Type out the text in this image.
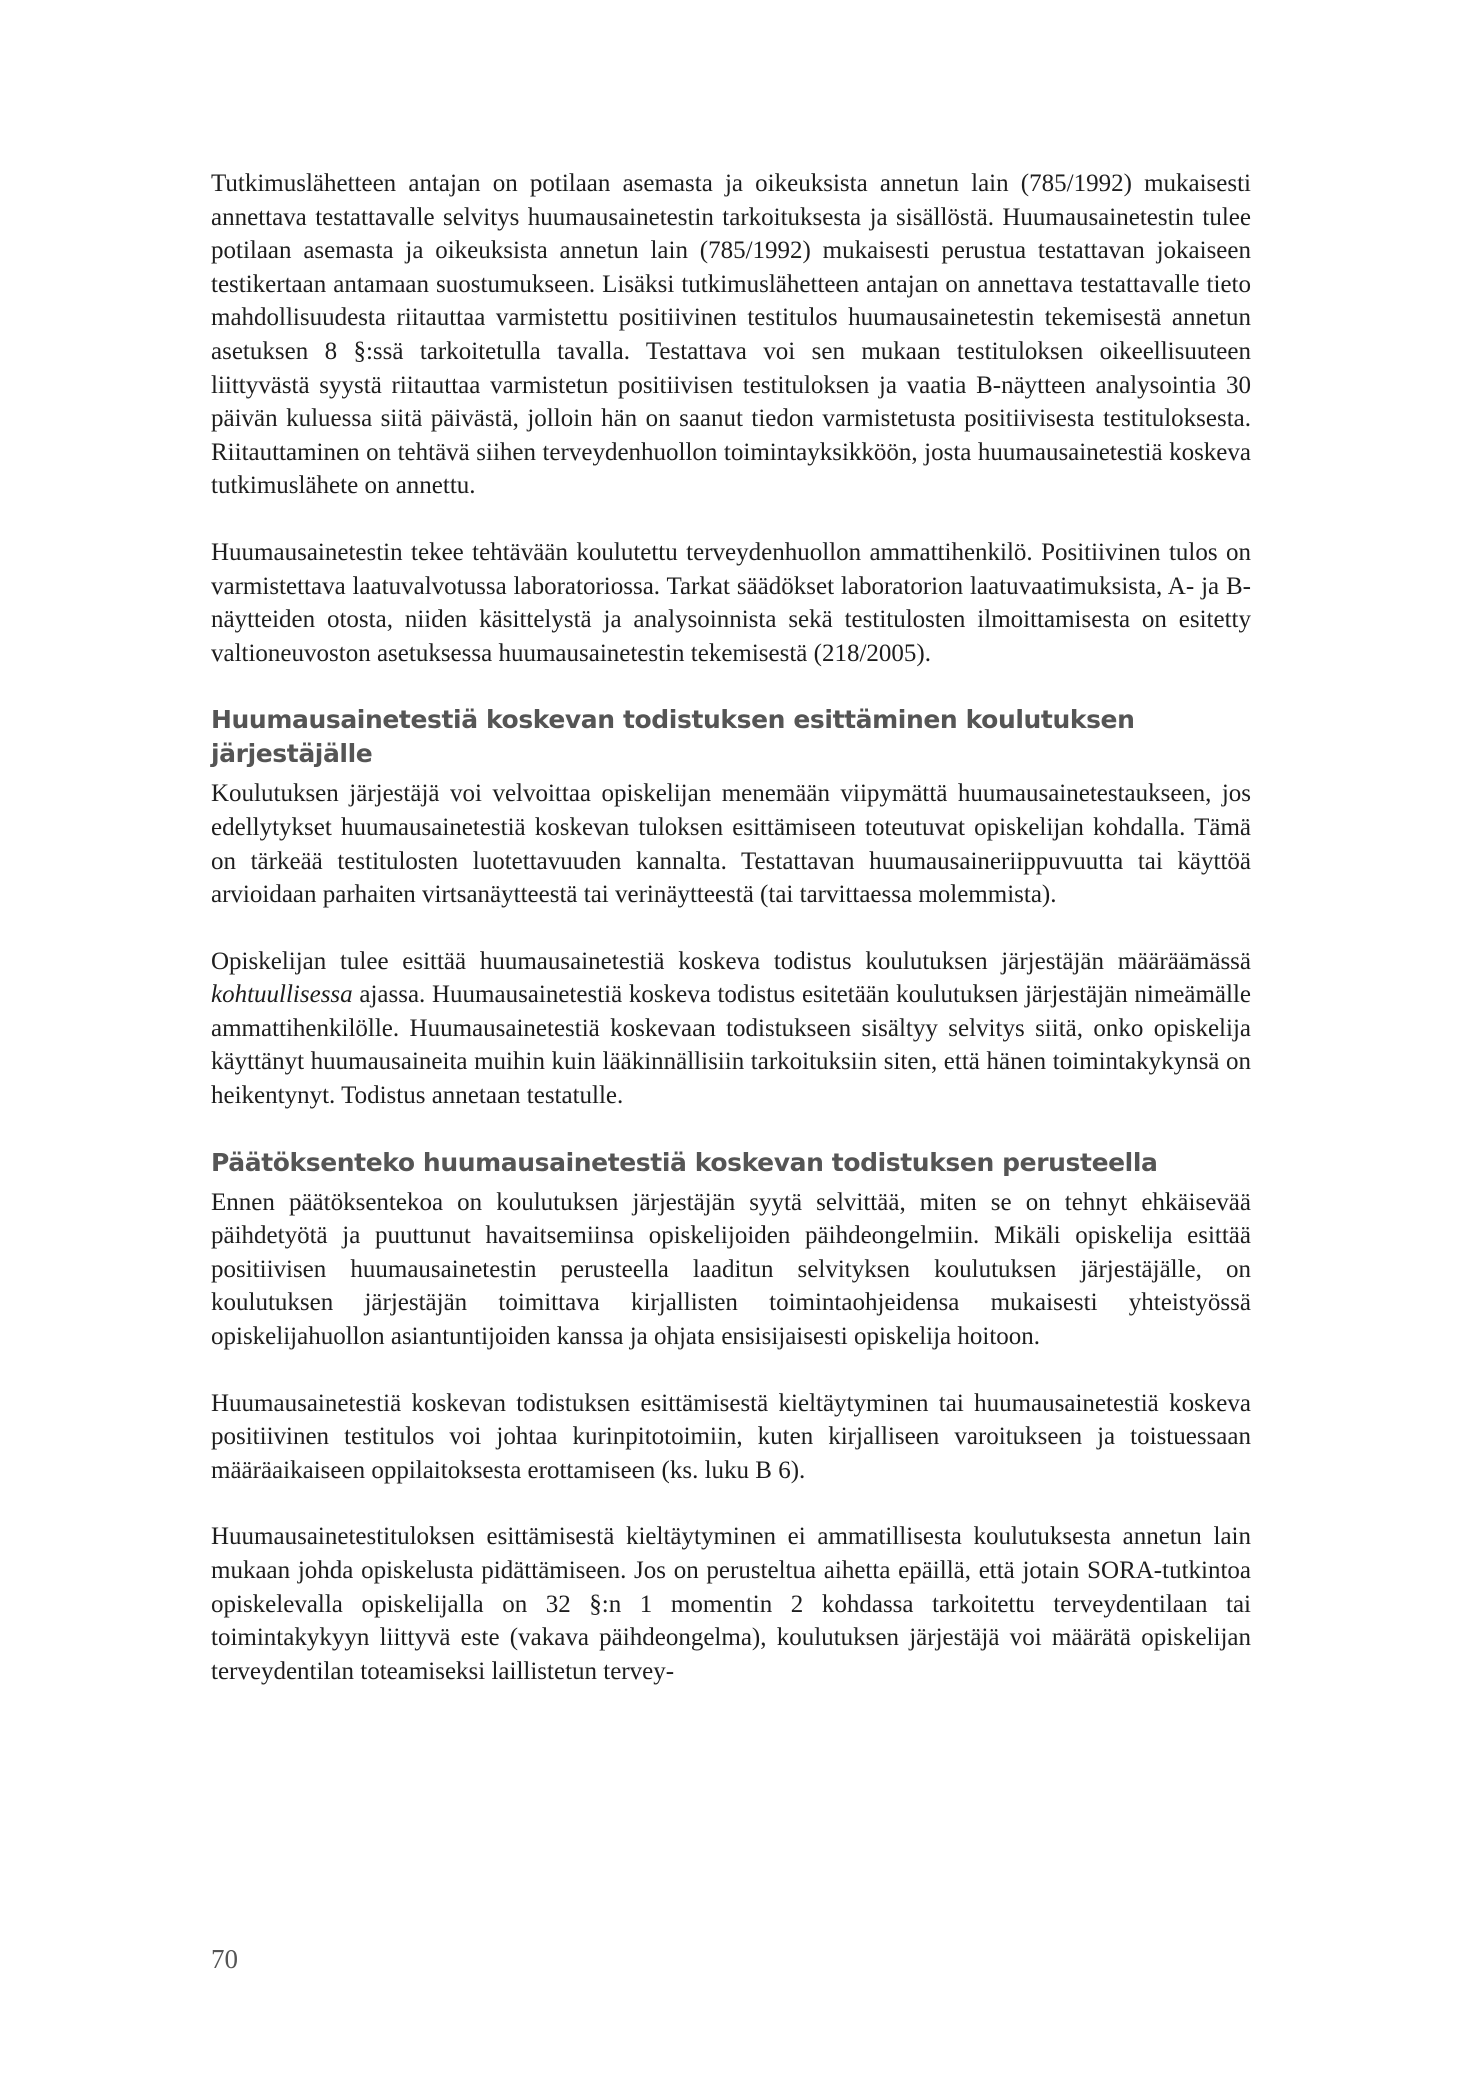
Tutkimuslähetteen antajan on potilaan asemasta ja oikeuksista annetun lain (785/1992) mukaisesti annettava testattavalle selvitys huumausainetestin tarkoituksesta ja sisällöstä. Huumausainetestin tulee potilaan asemasta ja oikeuksista annetun lain (785/1992) mukaisesti perustua testattavan jokaiseen testikertaan antamaan suostumukseen. Lisäksi tutkimuslähetteen antajan on annettava testattavalle tieto mahdollisuudesta riitauttaa varmistettu positiivinen testitulos huumausainetestin tekemisestä annetun asetuksen 8 §:ssä tarkoitetulla tavalla. Testattava voi sen mukaan testituloksen oikeellisuuteen liittyvästä syystä riitauttaa varmistetun positiivisen testituloksen ja vaatia B-näytteen analysointia 30 päivän kuluessa siitä päivästä, jolloin hän on saanut tiedon varmistetusta positiivisesta testituloksesta. Riitauttaminen on tehtävä siihen terveydenhuollon toimintayksikköön, josta huumausainetestiä koskeva tutkimuslähete on annettu.

Huumausainetestin tekee tehtävään koulutettu terveydenhuollon ammattihenkilö. Positiivinen tulos on varmistettava laatuvalvotussa laboratoriossa. Tarkat säädökset laboratorion laatuvaatimuksista, A- ja B-näytteiden otosta, niiden käsittelystä ja analysoinnista sekä testitulosten ilmoittamisesta on esitetty valtioneuvoston asetuksessa huumausainetestin tekemisestä (218/2005).

Huumausainetestiä koskevan todistuksen esittäminen koulutuksen järjestäjälle

Koulutuksen järjestäjä voi velvoittaa opiskelijan menemään viipymättä huumausainetestaukseen, jos edellytykset huumausainetestiä koskevan tuloksen esittämiseen toteutuvat opiskelijan kohdalla. Tämä on tärkeää testitulosten luotettavuuden kannalta. Testattavan huumausaineriippuvuutta tai käyttöä arvioidaan parhaiten virtsanäytteestä tai verinäytteestä (tai tarvittaessa molemmista).

Opiskelijan tulee esittää huumausainetestiä koskeva todistus koulutuksen järjestäjän määräämässä kohtuullisessa ajassa. Huumausainetestiä koskeva todistus esitetään koulutuksen järjestäjän nimeämälle ammattihenkilölle. Huumausainetestiä koskevaan todistukseen sisältyy selvitys siitä, onko opiskelija käyttänyt huumausaineita muihin kuin lääkinnällisiin tarkoituksiin siten, että hänen toimintakykynsä on heikentynyt. Todistus annetaan testatulle.

Päätöksenteko huumausainetestiä koskevan todistuksen perusteella

Ennen päätöksentekoa on koulutuksen järjestäjän syytä selvittää, miten se on tehnyt ehkäisevää päihdetyötä ja puuttunut havaitsemiinsa opiskelijoiden päihdeongelmiin. Mikäli opiskelija esittää positiivisen huumausainetestin perusteella laaditun selvityksen koulutuksen järjestäjälle, on koulutuksen järjestäjän toimittava kirjallisten toimintaohjeidensa mukaisesti yhteistyössä opiskelijahuollon asiantuntijoiden kanssa ja ohjata ensisijaisesti opiskelija hoitoon.

Huumausainetestiä koskevan todistuksen esittämisestä kieltäytyminen tai huumausainetestiä koskeva positiivinen testitulos voi johtaa kurinpitotoimiin, kuten kirjalliseen varoitukseen ja toistuessaan määräaikaiseen oppilaitoksesta erottamiseen (ks. luku B 6).

Huumausainetestituloksen esittämisestä kieltäytyminen ei ammatillisesta koulutuksesta annetun lain mukaan johda opiskelusta pidättämiseen. Jos on perusteltua aihetta epäillä, että jotain SORA-tutkintoa opiskelevalla opiskelijalla on 32 §:n 1 momentin 2 kohdassa tarkoitettu terveydentilaan tai toimintakykyyn liittyvä este (vakava päihdeongelma), koulutuksen järjestäjä voi määrätä opiskelijan terveydentilan toteamiseksi laillistetun tervey-

70
